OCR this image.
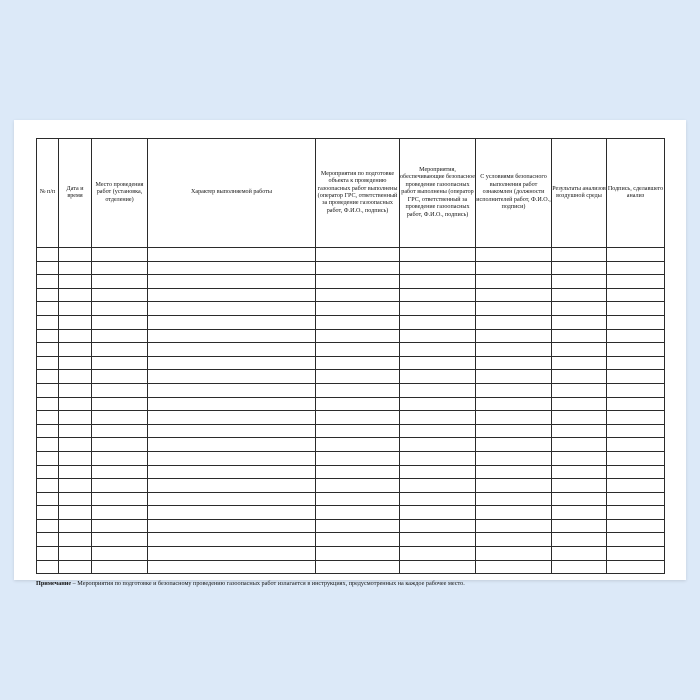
№ п/п	Дата и время	Место проведения работ (установка, отделение)	Характер выполняемой работы	Мероприятия по подготовке объекта к проведению газоопасных работ выполнены (оператор ГРС, ответственный за проведение газоопасных работ, Ф.И.О., подпись)	Мероприятия, обеспечивающие безопасное проведение газоопасных работ выполнены (оператор ГРС, ответственный за проведение газоопасных работ, Ф.И.О., подпись)	С условиями безопасного выполнения работ ознакомлен (должности исполнителей работ, Ф.И.О., подписи)	Результаты анализов воздушной среды	Подпись, сделавшего анализ

Примечание – Мероприятия по подготовке и безопасному проведению газоопасных работ излагается в инструкциях, предусмотренных на каждое рабочее место.
